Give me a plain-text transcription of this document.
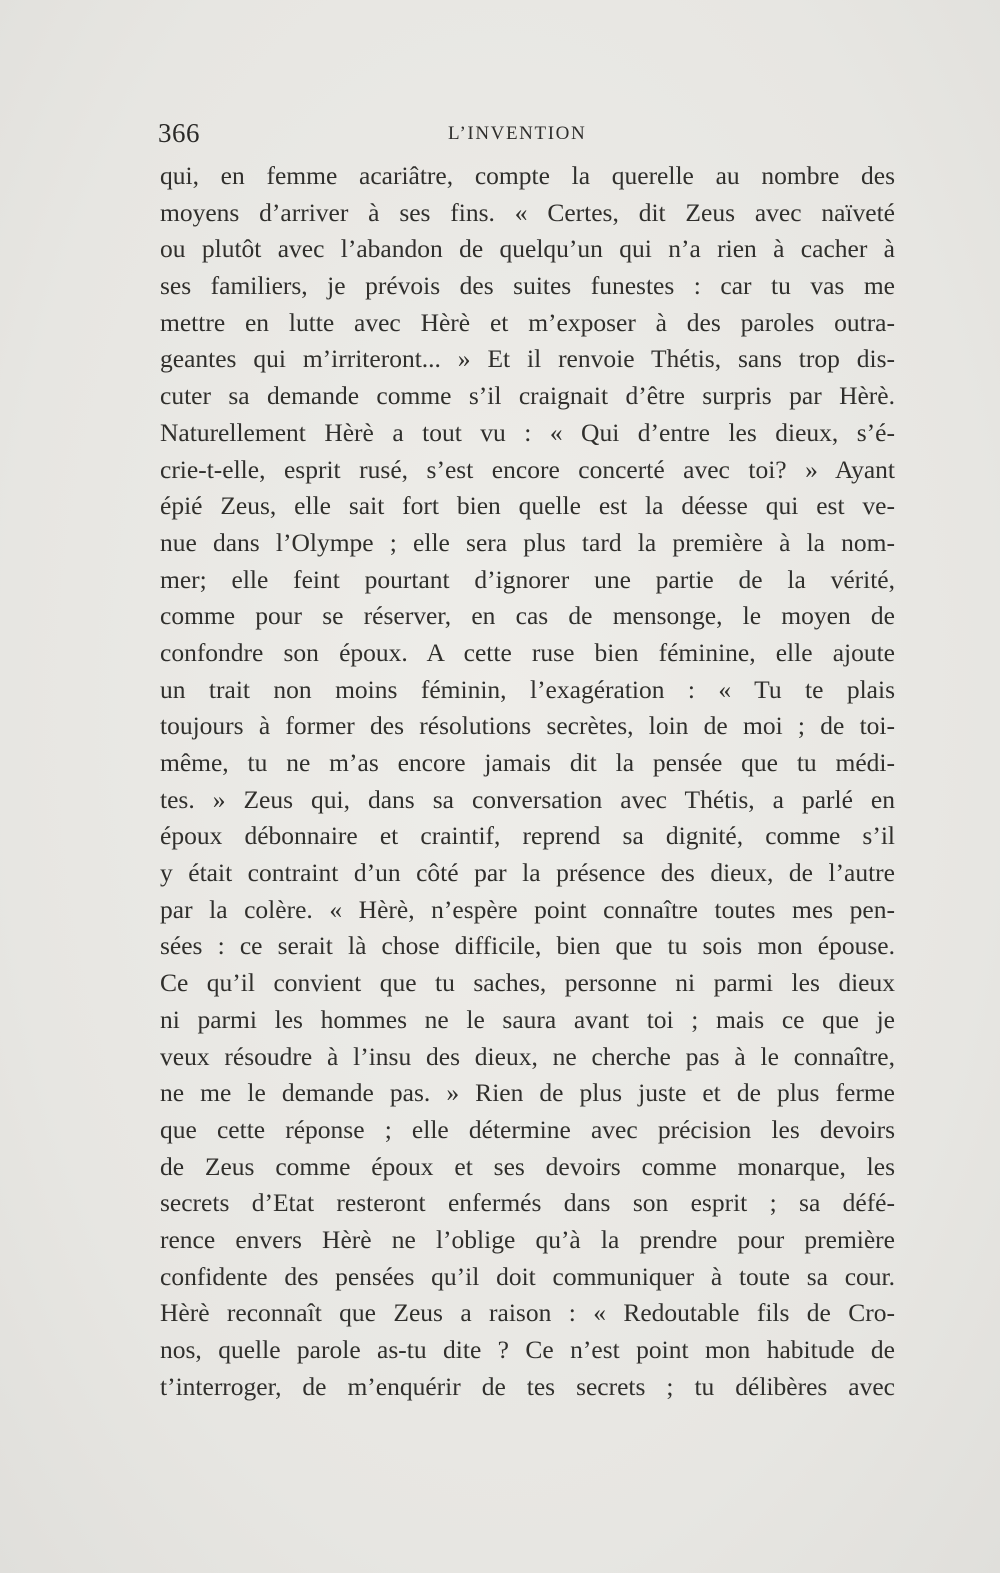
366	L’INVENTION
qui, en femme acariâtre, compte la querelle au nombre des
moyens d’arriver à ses fins. « Certes, dit Zeus avec naïveté
ou plutôt avec l’abandon de quelqu’un qui n’a rien à cacher à
ses familiers, je prévois des suites funestes : car tu vas me
mettre en lutte avec Hèrè et m’exposer à des paroles outra-
geantes qui m’irriteront... » Et il renvoie Thétis, sans trop dis-
cuter sa demande comme s’il craignait d’être surpris par Hèrè.
Naturellement Hèrè a tout vu : « Qui d’entre les dieux, s’é-
crie-t-elle, esprit rusé, s’est encore concerté avec toi? » Ayant
épié Zeus, elle sait fort bien quelle est la déesse qui est ve-
nue dans l’Olympe ; elle sera plus tard la première à la nom-
mer; elle feint pourtant d’ignorer une partie de la vérité,
comme pour se réserver, en cas de mensonge, le moyen de
confondre son époux. A cette ruse bien féminine, elle ajoute
un trait non moins féminin, l’exagération : « Tu te plais
toujours à former des résolutions secrètes, loin de moi ; de toi-
même, tu ne m’as encore jamais dit la pensée que tu médi-
tes. » Zeus qui, dans sa conversation avec Thétis, a parlé en
époux débonnaire et craintif, reprend sa dignité, comme s’il
y était contraint d’un côté par la présence des dieux, de l’autre
par la colère. « Hèrè, n’espère point connaître toutes mes pen-
sées : ce serait là chose difficile, bien que tu sois mon épouse.
Ce qu’il convient que tu saches, personne ni parmi les dieux
ni parmi les hommes ne le saura avant toi ; mais ce que je
veux résoudre à l’insu des dieux, ne cherche pas à le connaître,
ne me le demande pas. » Rien de plus juste et de plus ferme
que cette réponse ; elle détermine avec précision les devoirs
de Zeus comme époux et ses devoirs comme monarque, les
secrets d’Etat resteront enfermés dans son esprit ; sa défé-
rence envers Hèrè ne l’oblige qu’à la prendre pour première
confidente des pensées qu’il doit communiquer à toute sa cour.
Hèrè reconnaît que Zeus a raison : « Redoutable fils de Cro-
nos, quelle parole as-tu dite ? Ce n’est point mon habitude de
t’interroger, de m’enquérir de tes secrets ; tu délibères avec
